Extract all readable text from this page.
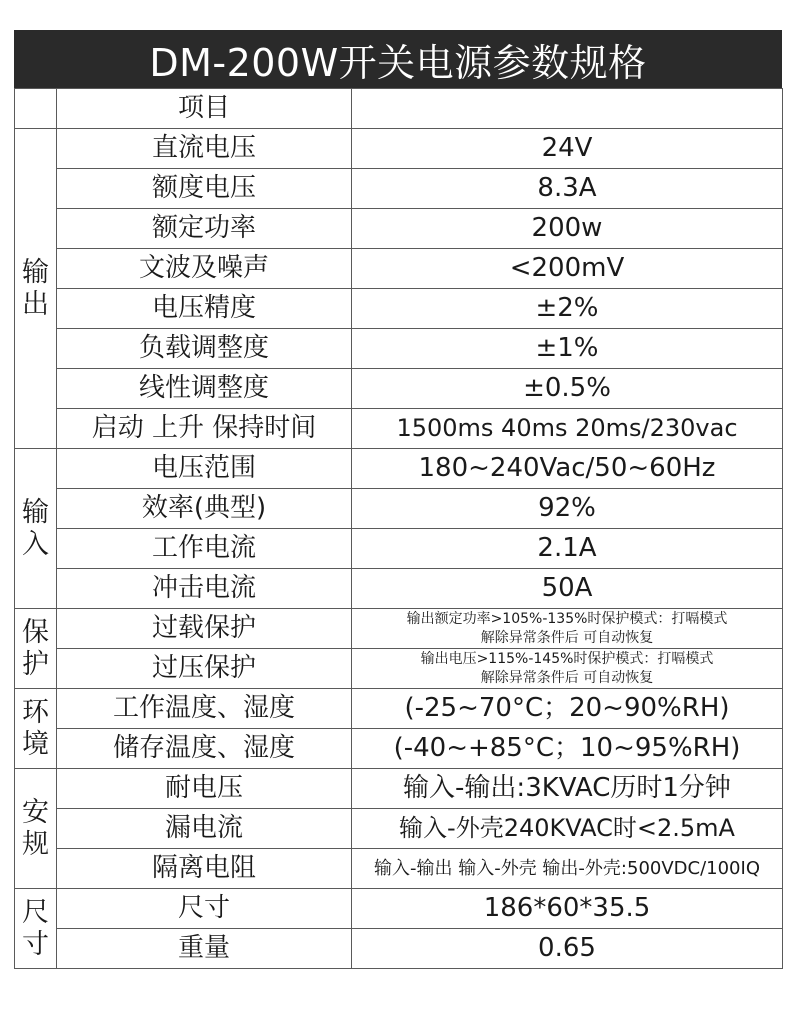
DM-200W开关电源参数规格
	项目	
输出	直流电压	24V
	额度电压	8.3A
	额定功率	200w
	文波及噪声	<200mV
	电压精度	±2%
	负载调整度	±1%
	线性调整度	±0.5%
	启动 上升 保持时间	1500ms 40ms 20ms/230vac
输入	电压范围	180~240Vac/50~60Hz
	效率(典型)	92%
	工作电流	2.1A
	冲击电流	50A
保护	过载保护	输出额定功率>105%-135%时保护模式：打嗝模式
解除异常条件后 可自动恢复

	过压保护	输出电压>115%-145%时保护模式：打嗝模式
解除异常条件后 可自动恢复

环境	工作温度、湿度	(-25~70°C；20~90%RH)
	储存温度、湿度	(-40~+85°C；10~95%RH)
安规	耐电压	输入-输出:3KVAC历时1分钟
	漏电流	输入-外壳240KVAC时<2.5mA
	隔离电阻	输入-输出 输入-外壳 输出-外壳:500VDC/100IQ
尺寸	尺寸	186*60*35.5
	重量	0.65
